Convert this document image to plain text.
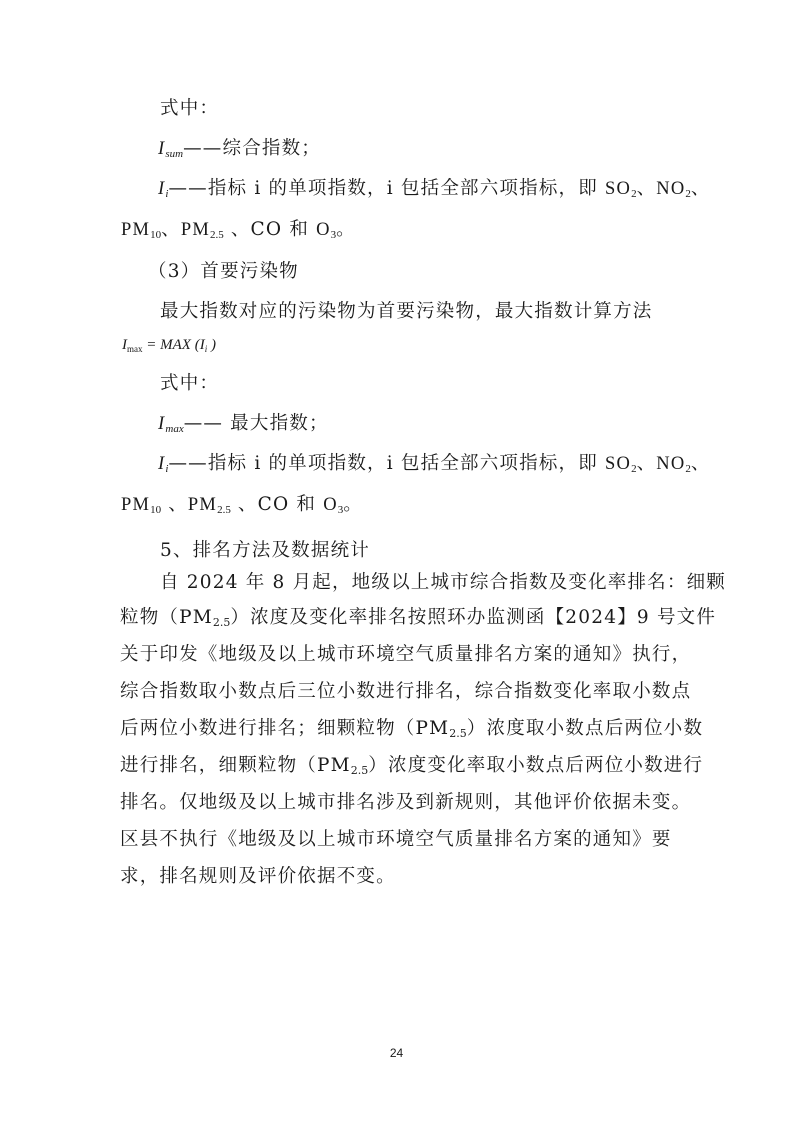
式中：
$I_{sum}——$综合指数；
$I_i——$指标 i 的单项指数，i 包括全部六项指标，即 $SO_2$、$NO_2$、
$PM_{10}$、$PM_{2.5}$ 、CO 和 $O_3$。
（3）首要污染物
最大指数对应的污染物为首要污染物，最大指数计算方法
$I_{max}$ = MAX ($I_i$ )
式中：
$I_{max}——$ 最大指数；
$I_i——$指标 i 的单项指数，i 包括全部六项指标，即 $SO_2$、$NO_2$、
$PM_{10}$ 、$PM_{2.5}$ 、CO 和 $O_3$。
5、排名方法及数据统计
自 2024 年 8 月起，地级以上城市综合指数及变化率排名：细颗
粒物$(PM_{2.5})$浓度及变化率排名按照环办监测函【2024】9 号文件
关于印发《地级及以上城市环境空气质量排名方案的通知》执行，
综合指数取小数点后三位小数进行排名，综合指数变化率取小数点
后两位小数进行排名；细颗粒物$(PM_{2.5})$浓度取小数点后两位小数
进行排名，细颗粒物$(PM_{2.5})$浓度变化率取小数点后两位小数进行
排名。仅地级及以上城市排名涉及到新规则，其他评价依据未变。
区县不执行《地级及以上城市环境空气质量排名方案的通知》要
求，排名规则及评价依据不变。
24
